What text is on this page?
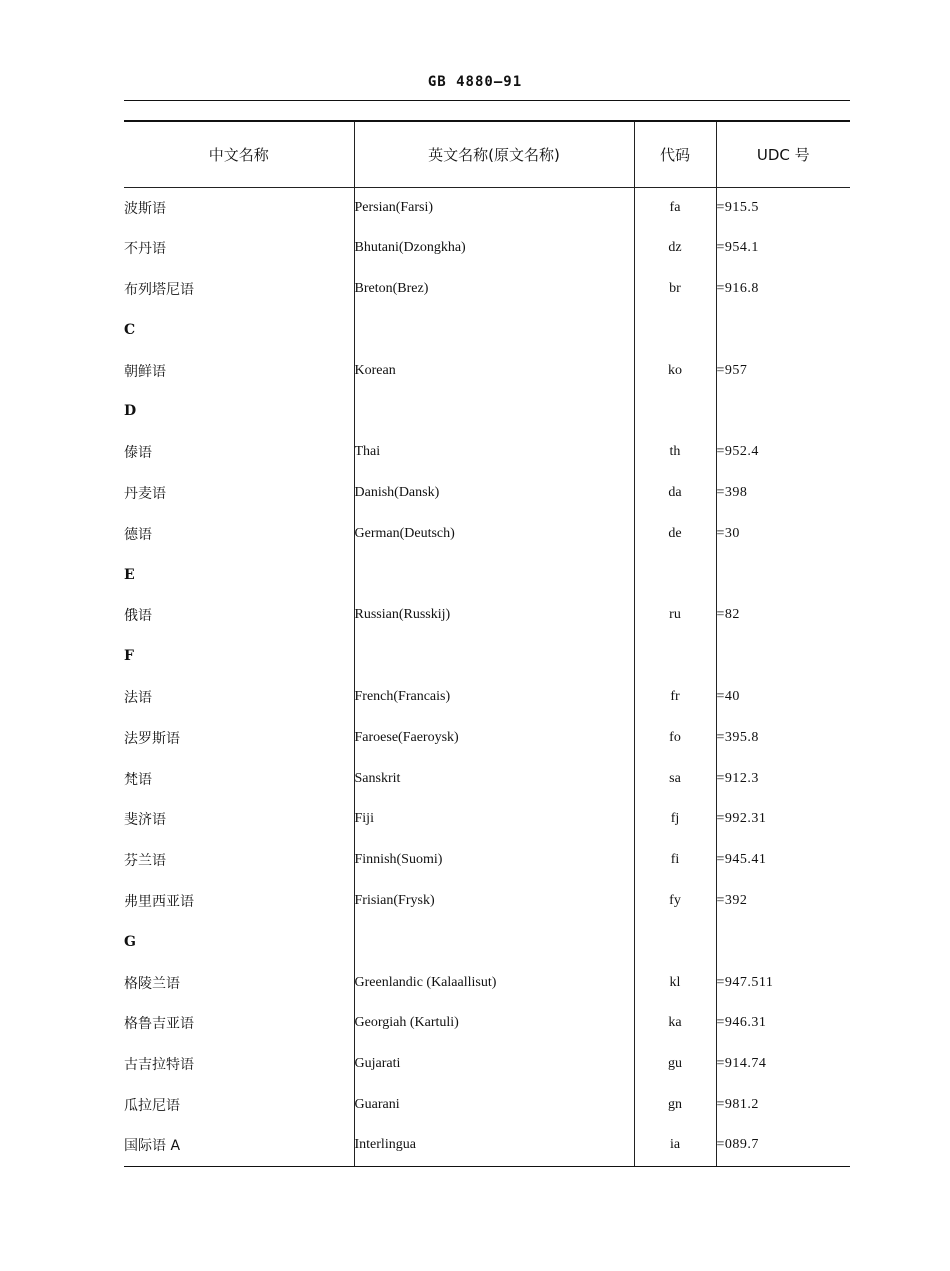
GB 4880—91
中文名称	英文名称(原文名称)	代码	UDC 号
波斯语	Persian(Farsi)	fa	=915.5
不丹语	Bhutani(Dzongkha)	dz	=954.1
布列塔尼语	Breton(Brez)	br	=916.8
C			
朝鲜语	Korean	ko	=957
D			
傣语	Thai	th	=952.4
丹麦语	Danish(Dansk)	da	=398
德语	German(Deutsch)	de	=30
E			
俄语	Russian(Russkij)	ru	=82
F			
法语	French(Francais)	fr	=40
法罗斯语	Faroese(Faeroysk)	fo	=395.8
梵语	Sanskrit	sa	=912.3
斐济语	Fiji	fj	=992.31
芬兰语	Finnish(Suomi)	fi	=945.41
弗里西亚语	Frisian(Frysk)	fy	=392
G			
格陵兰语	Greenlandic (Kalaallisut)	kl	=947.511
格鲁吉亚语	Georgiah (Kartuli)	ka	=946.31
古吉拉特语	Gujarati	gu	=914.74
瓜拉尼语	Guarani	gn	=981.2
国际语 A	Interlingua	ia	=089.7
